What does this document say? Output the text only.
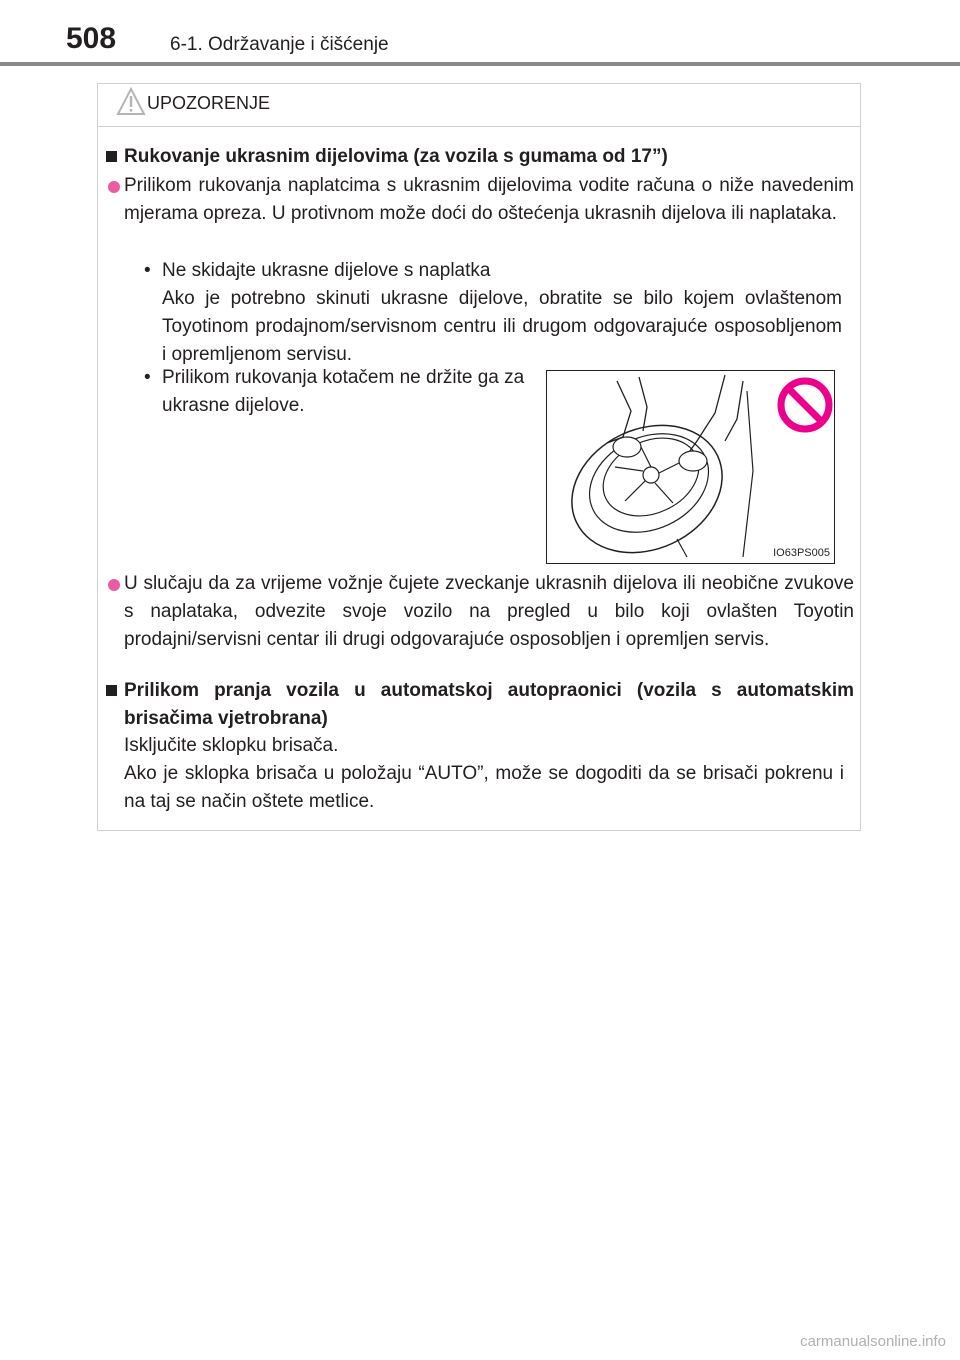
508	6-1. Održavanje i čišćenje
UPOZORENJE
Rukovanje ukrasnim dijelovima (za vozila s gumama od 17”)
Prilikom rukovanja naplatcima s ukrasnim dijelovima vodite računa o niže navedenim mjerama opreza. U protivnom može doći do oštećenja ukrasnih dijelova ili naplataka.
• Ne skidajte ukrasne dijelove s naplatka
Ako je potrebno skinuti ukrasne dijelove, obratite se bilo kojem ovlaštenom Toyotinom prodajnom/servisnom centru ili drugom odgovarajuće osposobljenom i opremljenom servisu.
• Prilikom rukovanja kotačem ne držite ga za ukrasne dijelove.
IO63PS005
U slučaju da za vrijeme vožnje čujete zveckanje ukrasnih dijelova ili neobične zvukove s naplataka, odvezite svoje vozilo na pregled u bilo koji ovlašten Toyotin prodajni/servisni centar ili drugi odgovarajuće osposobljen i opremljen servis.
Prilikom pranja vozila u automatskoj autopraonici (vozila s automatskim brisačima vjetrobrana)
Isključite sklopku brisača.
Ako je sklopka brisača u položaju “AUTO”, može se dogoditi da se brisači pokrenu i na taj se način oštete metlice.
carmanualsonline.info
